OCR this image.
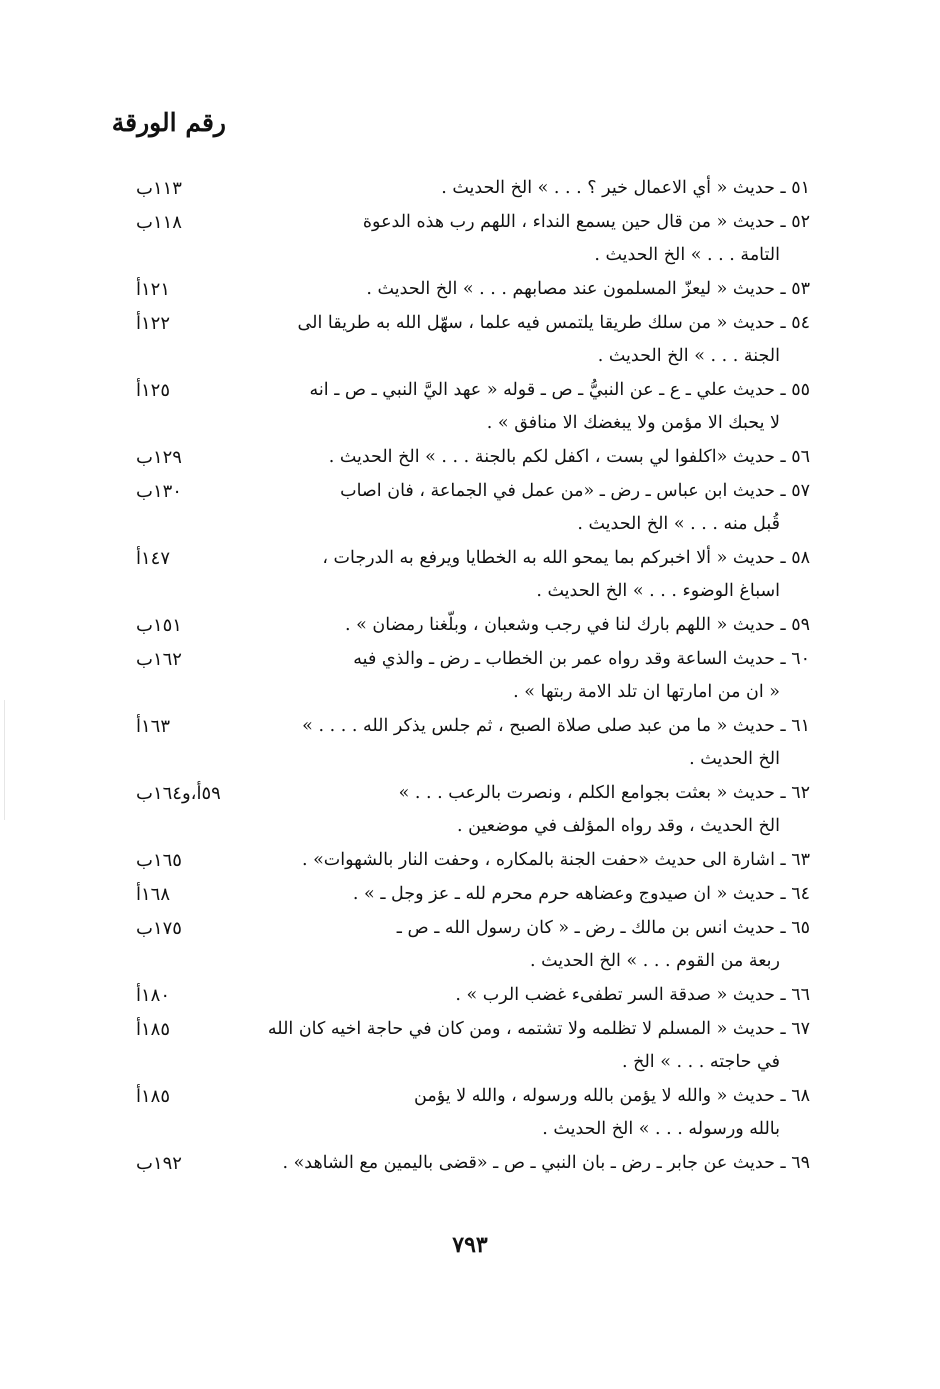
رقم الورقة
١١٣ب	٥١ ـ حديث « أي الاعمال خير ؟ . . . » الخ الحديث .
١١٨ب	٥٢ ـ حديث « من قال حين يسمع النداء ، اللهم رب هذه الدعوة
التامة . . . » الخ الحديث .
١٢١أ	٥٣ ـ حديث « ليعزّ المسلمون عند مصابهم . . . » الخ الحديث .
١٢٢أ	٥٤ ـ حديث « من سلك طريقا يلتمس فيه علما ، سهّل الله به طريقا الى
الجنة . . . » الخ الحديث .
١٢٥أ	٥٥ ـ حديث علي ـ ع ـ عن النبيُّ ـ ص ـ قوله « عهد اليَّ النبي ـ ص ـ انه
لا يحبك الا مؤمن ولا يبغضك الا منافق » .
١٢٩ب	٥٦ ـ حديث «اكلفوا لي بست ، اكفل لكم بالجنة . . . » الخ الحديث .
١٣٠ب	٥٧ ـ حديث ابن عباس ـ رض ـ «من عمل في الجماعة ، فان اصاب
قُبل منه . . . » الخ الحديث .
١٤٧أ	٥٨ ـ حديث « ألا اخبركم بما يمحو الله به الخطايا ويرفع به الدرجات ،
اسباغ الوضوء . . . » الخ الحديث .
١٥١ب	٥٩ ـ حديث « اللهم بارك لنا في رجب وشعبان ، وبلّغنا رمضان » .
١٦٢ب	٦٠ ـ حديث الساعة وقد رواه عمر بن الخطاب ـ رض ـ والذي فيه
« ان من امارتها ان تلد الامة ربتها » .
١٦٣أ	٦١ ـ حديث « ما من عبد صلى صلاة الصبح ، ثم جلس يذكر الله . . . . »
الخ الحديث .
٥٩أ،و١٦٤ب	٦٢ ـ حديث « بعثت بجوامع الكلم ، ونصرت بالرعب . . . »
الخ الحديث ، وقد رواه المؤلف في موضعين .
١٦٥ب	٦٣ ـ اشارة الى حديث «حفت الجنة بالمكاره ، وحفت النار بالشهوات» .
١٦٨أ	٦٤ ـ حديث « ان صيدوج وعضاهه حرم محرم لله ـ عز وجل ـ » .
١٧٥ب	٦٥ ـ حديث انس بن مالك ـ رض ـ « كان رسول الله ـ ص ـ
ربعة من القوم . . . » الخ الحديث .
١٨٠أ	٦٦ ـ حديث « صدقة السر تطفىء غضب الرب » .
١٨٥أ	٦٧ ـ حديث « المسلم لا تظلمه ولا تشتمه ، ومن كان في حاجة اخيه كان الله
في حاجته . . . » الخ .
١٨٥أ	٦٨ ـ حديث « والله لا يؤمن بالله ورسوله ، والله لا يؤمن
بالله ورسوله . . . » الخ الحديث .
١٩٢ب	٦٩ ـ حديث عن جابر ـ رض ـ بان النبي ـ ص ـ «قضى باليمين مع الشاهد» .
٧٩٣
